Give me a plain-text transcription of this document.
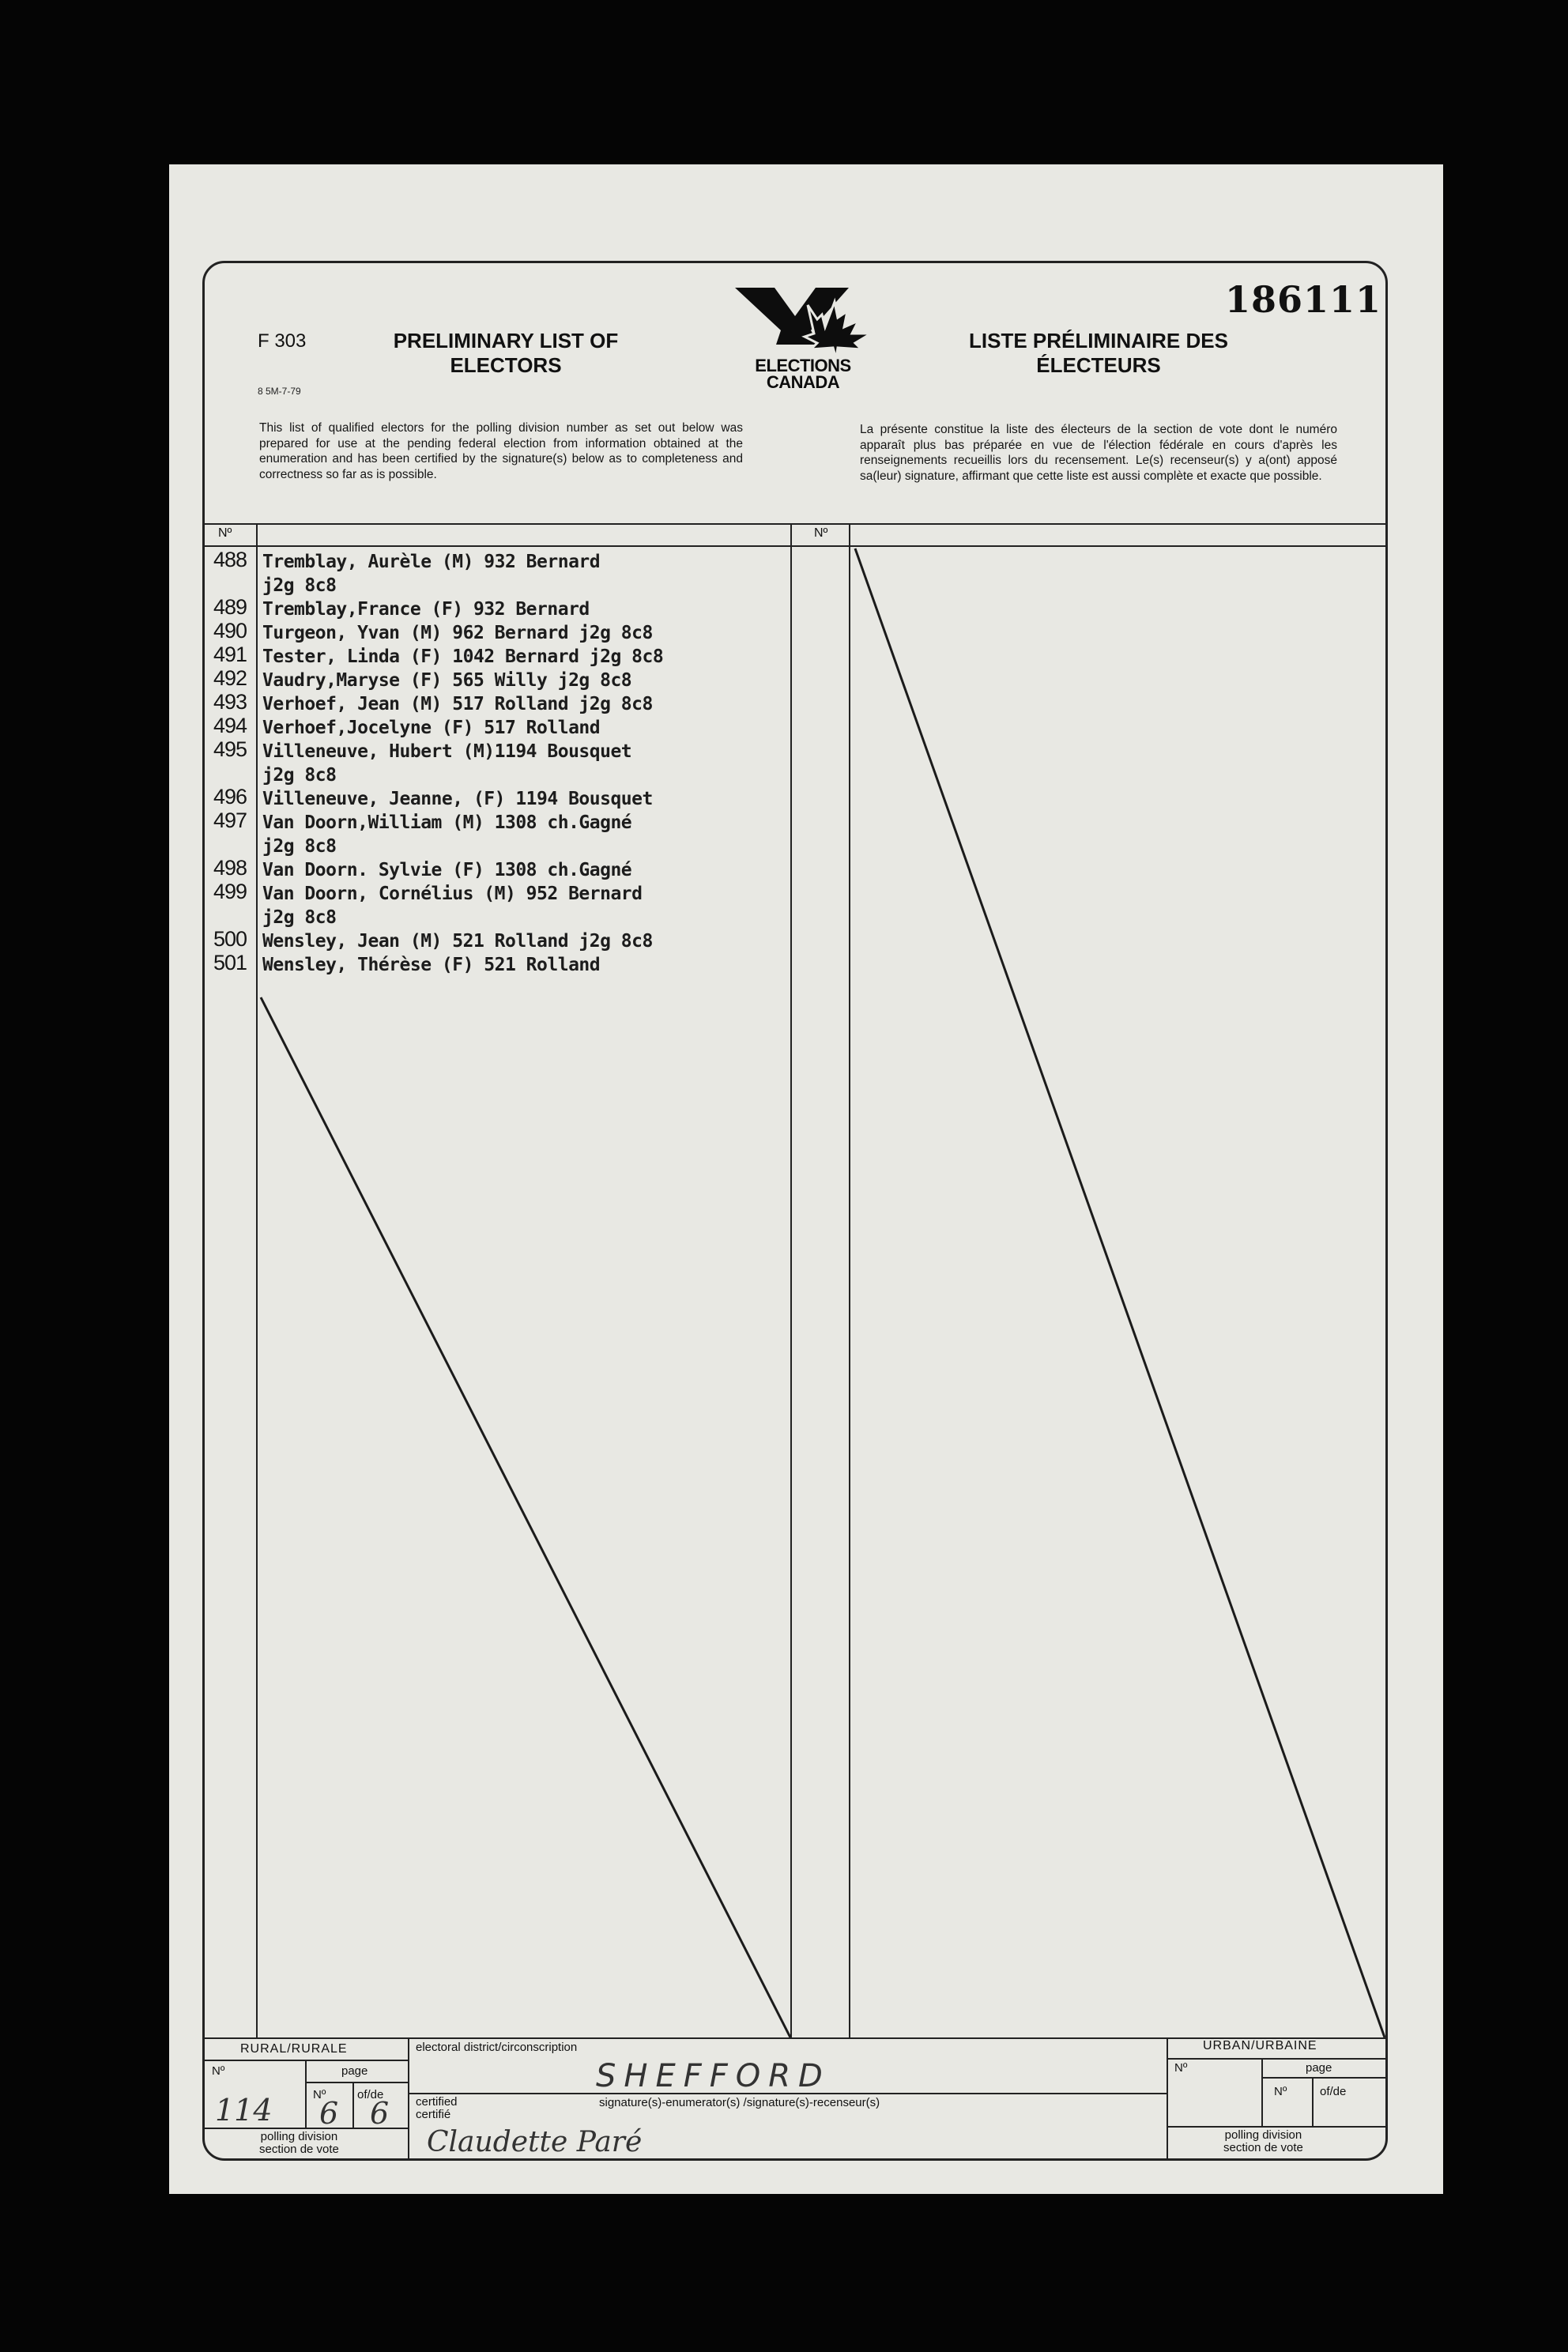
186111
F 303
8 5M-7-79
PRELIMINARY LIST OF
ELECTORS	ELECTIONS
CANADA
LISTE PRÉLIMINAIRE DES
ÉLECTEURS
This list of qualified electors for the polling division number as set out below was prepared for use at the pending federal election from information obtained at the enumeration and has been certified by the signature(s) below as to completeness and correctness so far as is possible.
La présente constitue la liste des électeurs de la section de vote dont le numéro apparaît plus bas préparée en vue de l'élection fédérale en cours d'après les renseignements recueillis lors du recensement. Le(s) recenseur(s) y a(ont) apposé sa(leur) signature, affirmant que cette liste est aussi complète et exacte que possible.
Nº	Nº
488 Tremblay, Aurèle (M) 932 Bernard
j2g 8c8
489 Tremblay,France (F) 932 Bernard
490 Turgeon, Yvan (M) 962 Bernard j2g 8c8
491 Tester, Linda (F) 1042 Bernard j2g 8c8
492 Vaudry,Maryse (F) 565 Willy j2g 8c8
493 Verhoef, Jean (M) 517 Rolland j2g 8c8
494 Verhoef,Jocelyne (F) 517 Rolland
495 Villeneuve, Hubert (M)1194 Bousquet
j2g 8c8
496 Villeneuve, Jeanne, (F) 1194 Bousquet
497 Van Doorn,William (M) 1308 ch.Gagné
j2g 8c8
498 Van Doorn. Sylvie (F) 1308 ch.Gagné
499 Van Doorn, Cornélius (M) 952 Bernard
j2g 8c8
500 Wensley, Jean (M) 521 Rolland j2g 8c8
501 Wensley, Thérèse (F) 521 Rolland
RURAL/RURALE	URBAN/URBAINE
Nº	page
Nº	of/de
polling division
section de vote
114 6 6
electoral district/circonscription
SHEFFORD
certified
certifié
signature(s)-enumerator(s) /signature(s)-recenseur(s)
Claudette Paré
Nº	page
Nº	of/de
polling division
section de vote
